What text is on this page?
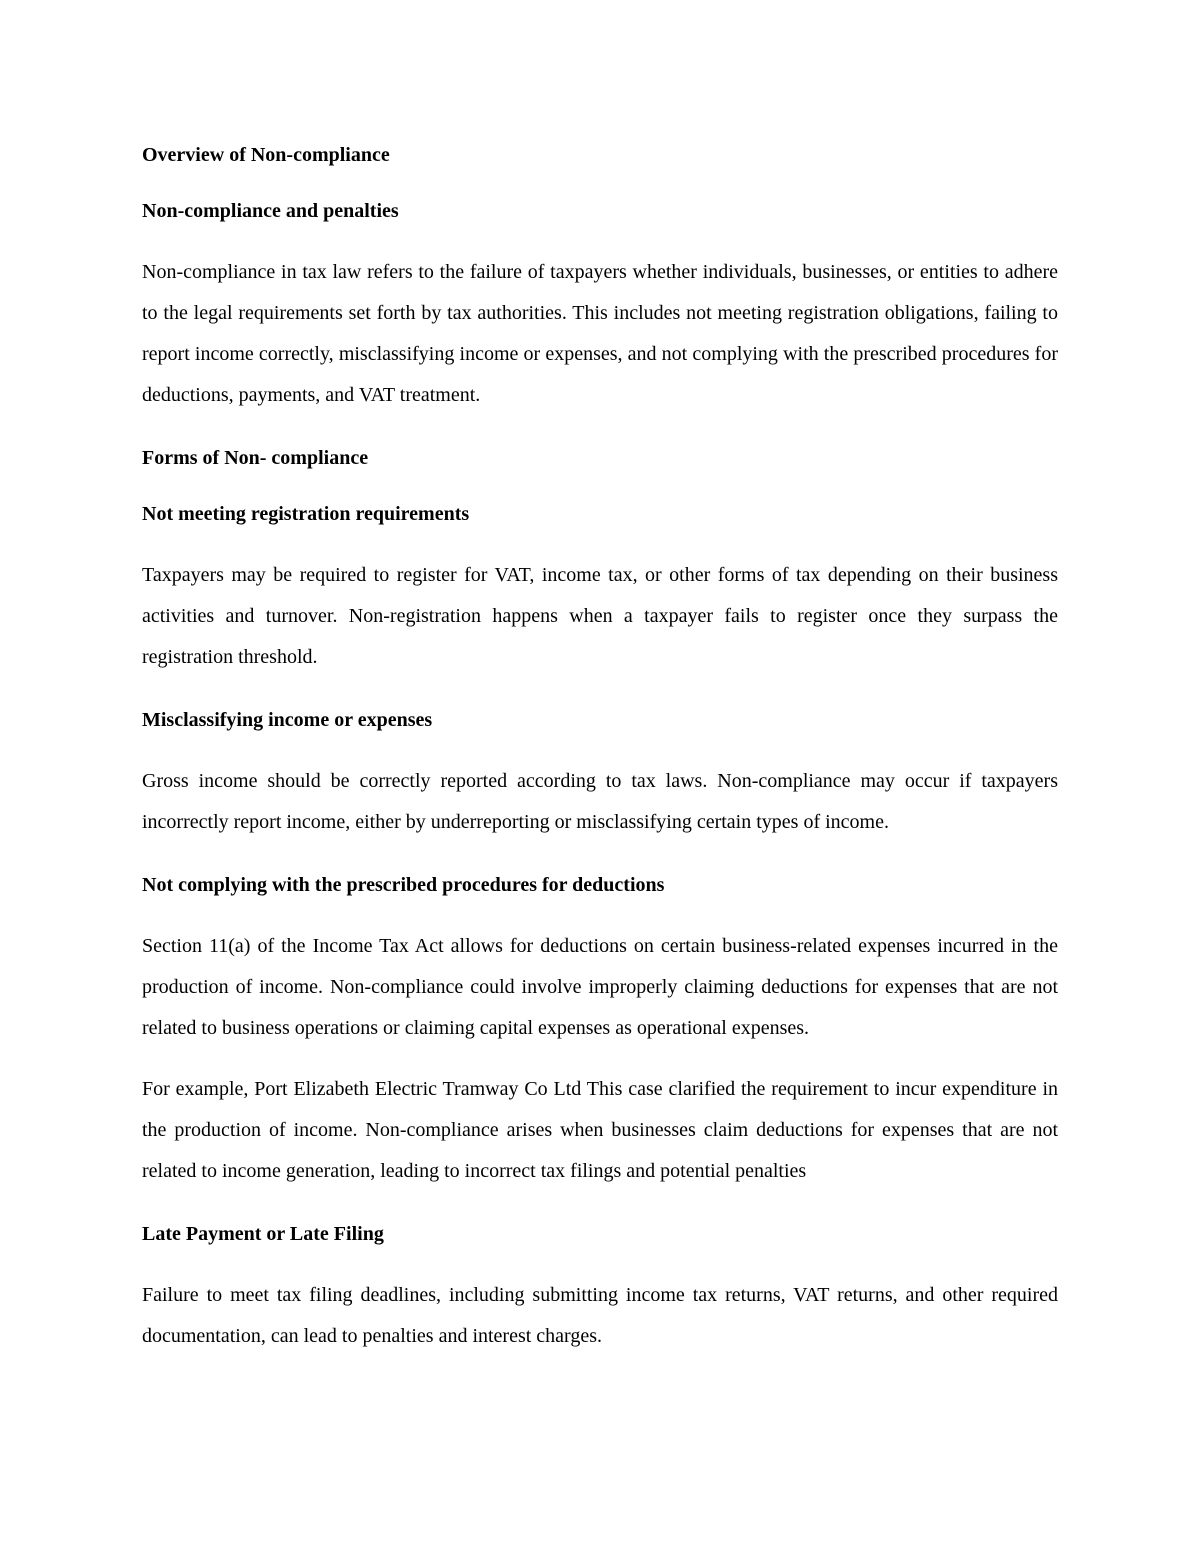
Overview of Non-compliance
Non-compliance and penalties

Non-compliance in tax law refers to the failure of taxpayers whether individuals, businesses, or entities to adhere to the legal requirements set forth by tax authorities. This includes not meeting registration obligations, failing to report income correctly, misclassifying income or expenses, and not complying with the prescribed procedures for deductions, payments, and VAT treatment.

Forms of Non- compliance
Not meeting registration requirements

Taxpayers may be required to register for VAT, income tax, or other forms of tax depending on their business activities and turnover. Non-registration happens when a taxpayer fails to register once they surpass the registration threshold.

Misclassifying income or expenses

Gross income should be correctly reported according to tax laws. Non-compliance may occur if taxpayers incorrectly report income, either by underreporting or misclassifying certain types of income.

Not complying with the prescribed procedures for deductions

Section 11(a) of the Income Tax Act allows for deductions on certain business-related expenses incurred in the production of income. Non-compliance could involve improperly claiming deductions for expenses that are not related to business operations or claiming capital expenses as operational expenses.

For example, Port Elizabeth Electric Tramway Co Ltd This case clarified the requirement to incur expenditure in the production of income. Non-compliance arises when businesses claim deductions for expenses that are not related to income generation, leading to incorrect tax filings and potential penalties

Late Payment or Late Filing

Failure to meet tax filing deadlines, including submitting income tax returns, VAT returns, and other required documentation, can lead to penalties and interest charges.
